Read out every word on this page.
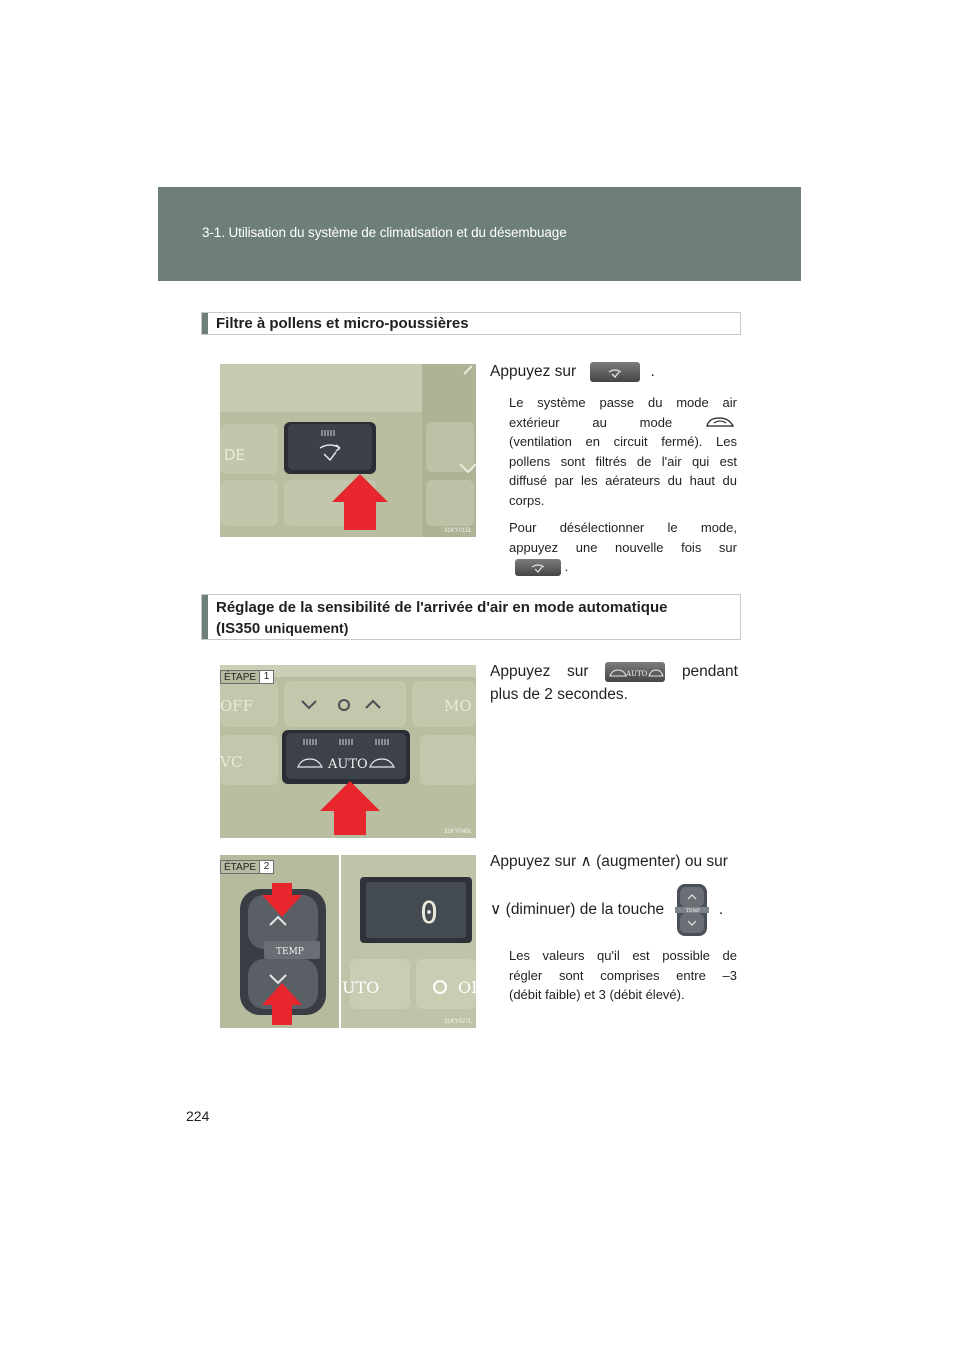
3-1. Utilisation du système de climatisation et du désembuage
Filtre à pollens et micro-poussières
DE
31KY015L
Appuyez sur	.
Le système passe du mode air
extérieur	au	mode
(ventilation en circuit fermé). Les
pollens sont filtrés de l'air qui est
diffusé par les aérateurs du haut du
corps.
Pour désélectionner le mode,
appuyez une nouvelle fois sur
.
Réglage de la sensibilité de l'arrivée d'air en mode automatique
(IS350 uniquement)
AUTO
OFF	MO
VC
ÉTAPE 1
31KY040L
Appuyez sur	AUTO pendant
plus de 2 secondes.
0
UTO	OF
TEMP
ÉTAPE 2
31KY027L
Appuyez sur ∧ (augmenter) ou sur
∨ (diminuer) de la touche	TEMP .
Les valeurs qu'il est possible de
régler sont comprises entre –3
(débit faible) et 3 (débit élevé).
224
